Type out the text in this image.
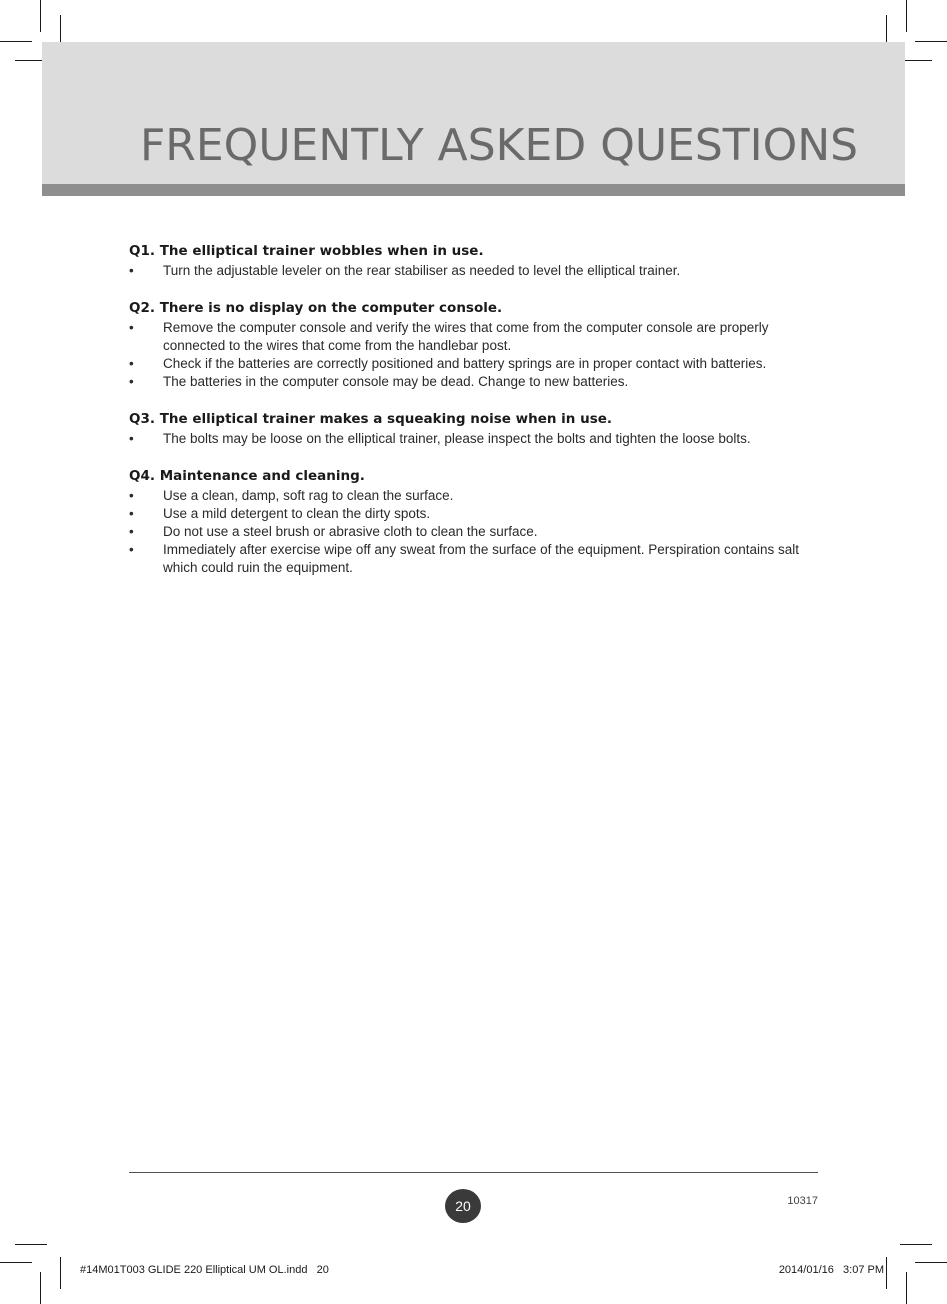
FREQUENTLY ASKED QUESTIONS
Q1. The elliptical trainer wobbles when in use.
•	Turn the adjustable leveler on the rear stabiliser as needed to level the elliptical trainer.
Q2. There is no display on the computer console.
•	Remove the computer console and verify the wires that come from the computer console are properly connected to the wires that come from the handlebar post.
•	Check if the batteries are correctly positioned and battery springs are in proper contact with batteries.
•	The batteries in the computer console may be dead. Change to new batteries.
Q3. The elliptical trainer makes a squeaking noise when in use.
•	The bolts may be loose on the elliptical trainer, please inspect the bolts and tighten the loose bolts.
Q4. Maintenance and cleaning.
•	Use a clean, damp, soft rag to clean the surface.
•	Use a mild detergent to clean the dirty spots.
•	Do not use a steel brush or abrasive cloth to clean the surface.
•	Immediately after exercise wipe off any sweat from the surface of the equipment. Perspiration contains salt which could ruin the equipment.
20	10317
#14M01T003 GLIDE 220 Elliptical UM OL.indd   20	2014/01/16   3:07 PM
